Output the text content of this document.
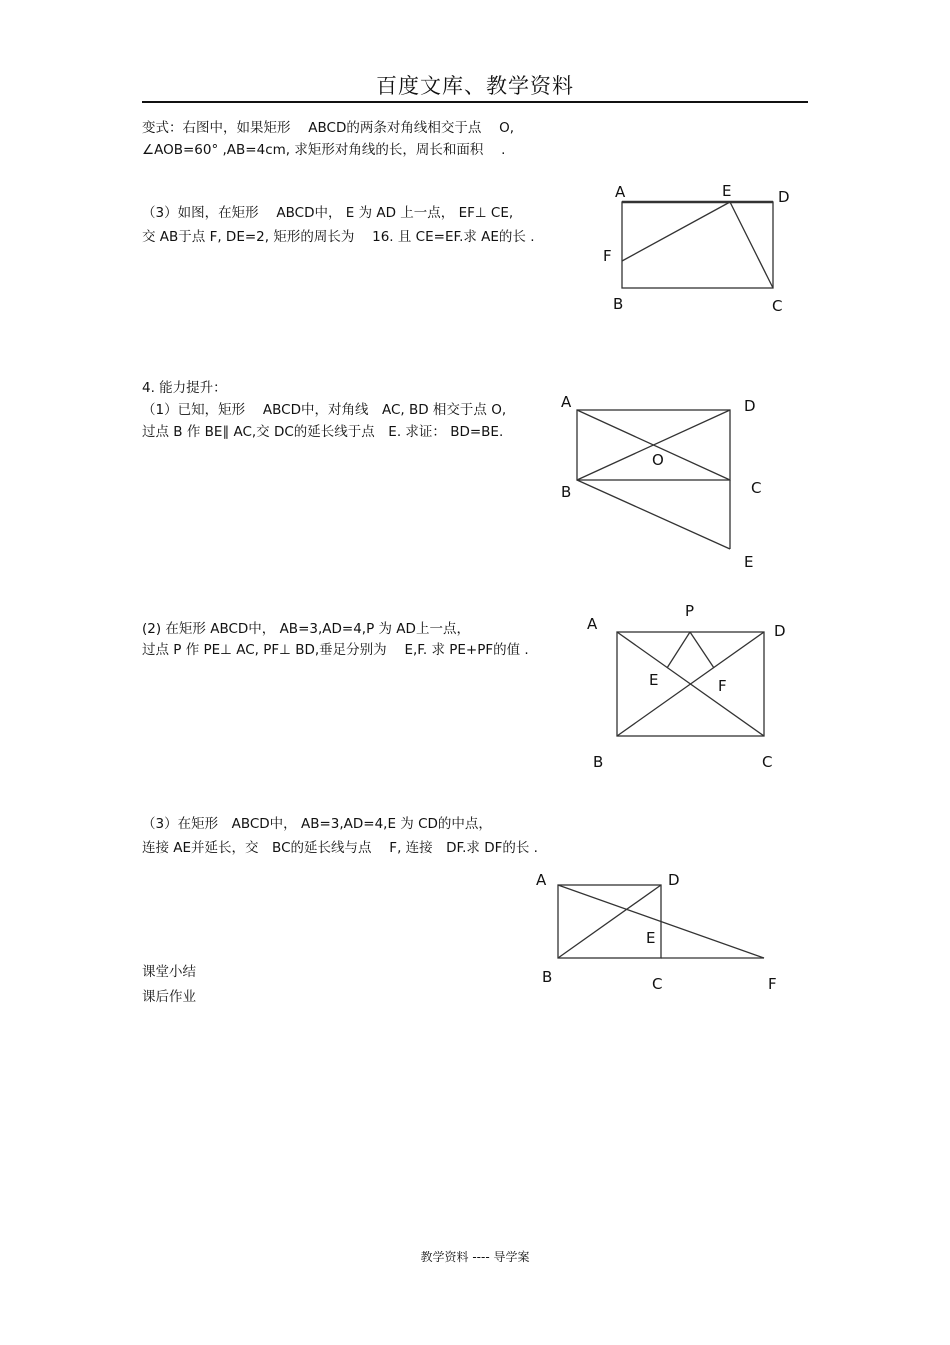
百度文库、教学资料
变式：右图中，如果矩形　 ABCD的两条对角线相交于点　 O,
∠AOB=60° ,AB=4cm, 求矩形对角线的长，周长和面积　 .
（3）如图，在矩形　 ABCD中， E 为 AD 上一点， EF⊥ CE,
交 AB于点 F, DE=2, 矩形的周长为　 16. 且 CE=EF.求 AE的长 .
A	E	D
F
B	C
4. 能力提升：
（1）已知，矩形　 ABCD中，对角线　AC, BD 相交于点 O,
过点 B 作 BE∥ AC,交 DC的延长线于点　E. 求证： BD=BE.
A	D
O
B	C
E
(2) 在矩形 ABCD中， AB=3,AD=4,P 为 AD上一点，
过点 P 作 PE⊥ AC, PF⊥ BD,垂足分别为　 E,F. 求 PE+PF的值 .
A
P
D
E	F
B	C
（3）在矩形　ABCD中， AB=3,AD=4,E 为 CD的中点，
连接 AE并延长，交　BC的延长线与点　 F, 连接　DF.求 DF的长 .
A	D
E
B	C	F
课堂小结
课后作业
教学资料 ---- 导学案
